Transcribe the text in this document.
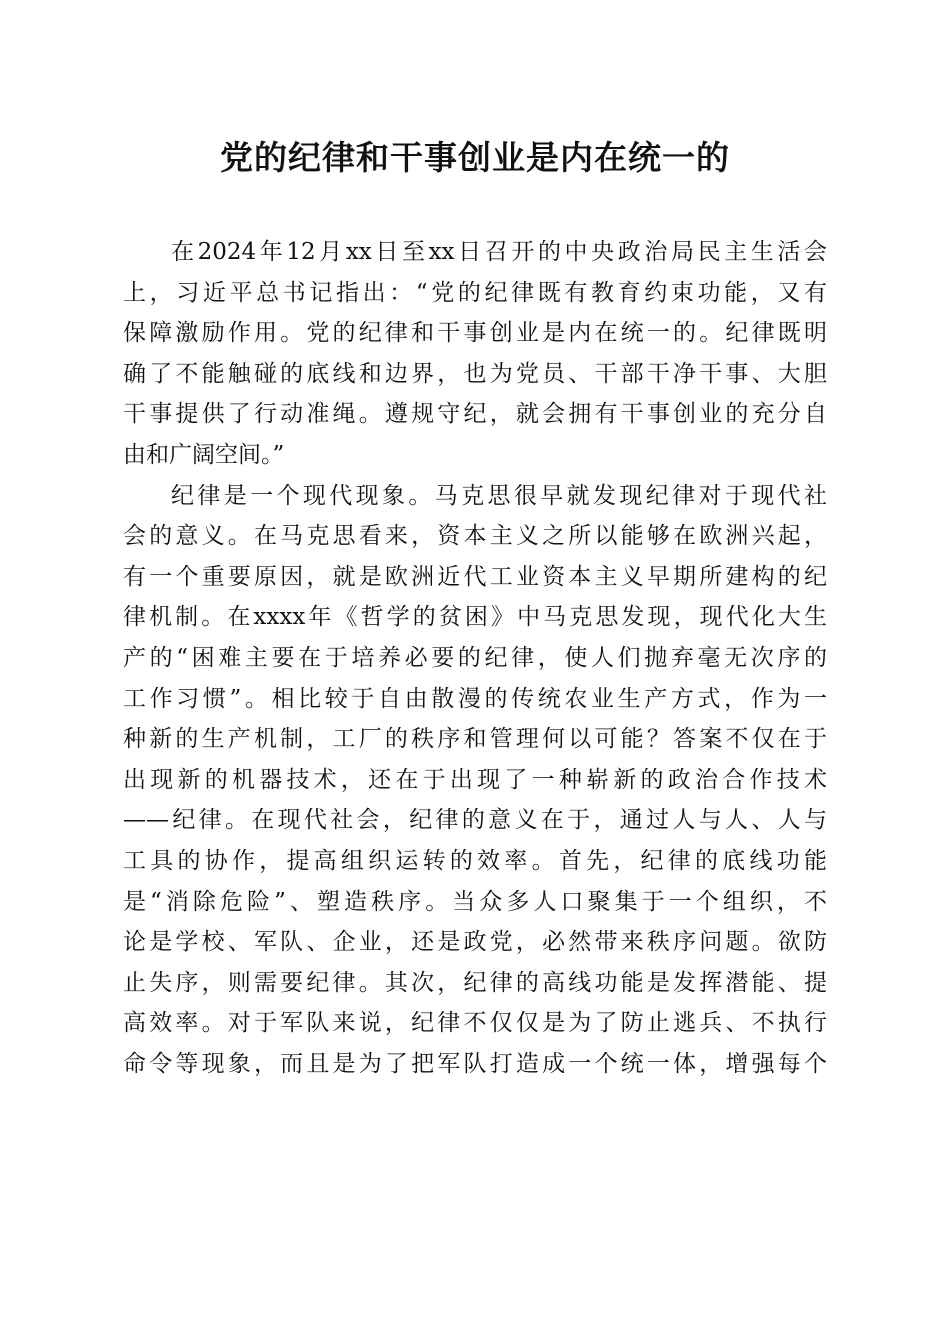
党的纪律和干事创业是内在统一的
在2024年12月xx日至xx日召开的中央政治局民主生活会
上，习近平总书记指出：“党的纪律既有教育约束功能，又有
保障激励作用。党的纪律和干事创业是内在统一的。纪律既明
确了不能触碰的底线和边界，也为党员、干部干净干事、大胆
干事提供了行动准绳。遵规守纪，就会拥有干事创业的充分自
由和广阔空间。”
纪律是一个现代现象。马克思很早就发现纪律对于现代社
会的意义。在马克思看来，资本主义之所以能够在欧洲兴起，
有一个重要原因，就是欧洲近代工业资本主义早期所建构的纪
律机制。在xxxx年《哲学的贫困》中马克思发现，现代化大生
产的“困难主要在于培养必要的纪律，使人们抛弃毫无次序的
工作习惯”。相比较于自由散漫的传统农业生产方式，作为一
种新的生产机制，工厂的秩序和管理何以可能？答案不仅在于
出现新的机器技术，还在于出现了一种崭新的政治合作技术
——纪律。在现代社会，纪律的意义在于，通过人与人、人与
工具的协作，提高组织运转的效率。首先，纪律的底线功能
是“消除危险”、塑造秩序。当众多人口聚集于一个组织，不
论是学校、军队、企业，还是政党，必然带来秩序问题。欲防
止失序，则需要纪律。其次，纪律的高线功能是发挥潜能、提
高效率。对于军队来说，纪律不仅仅是为了防止逃兵、不执行
命令等现象，而且是为了把军队打造成一个统一体，增强每个
